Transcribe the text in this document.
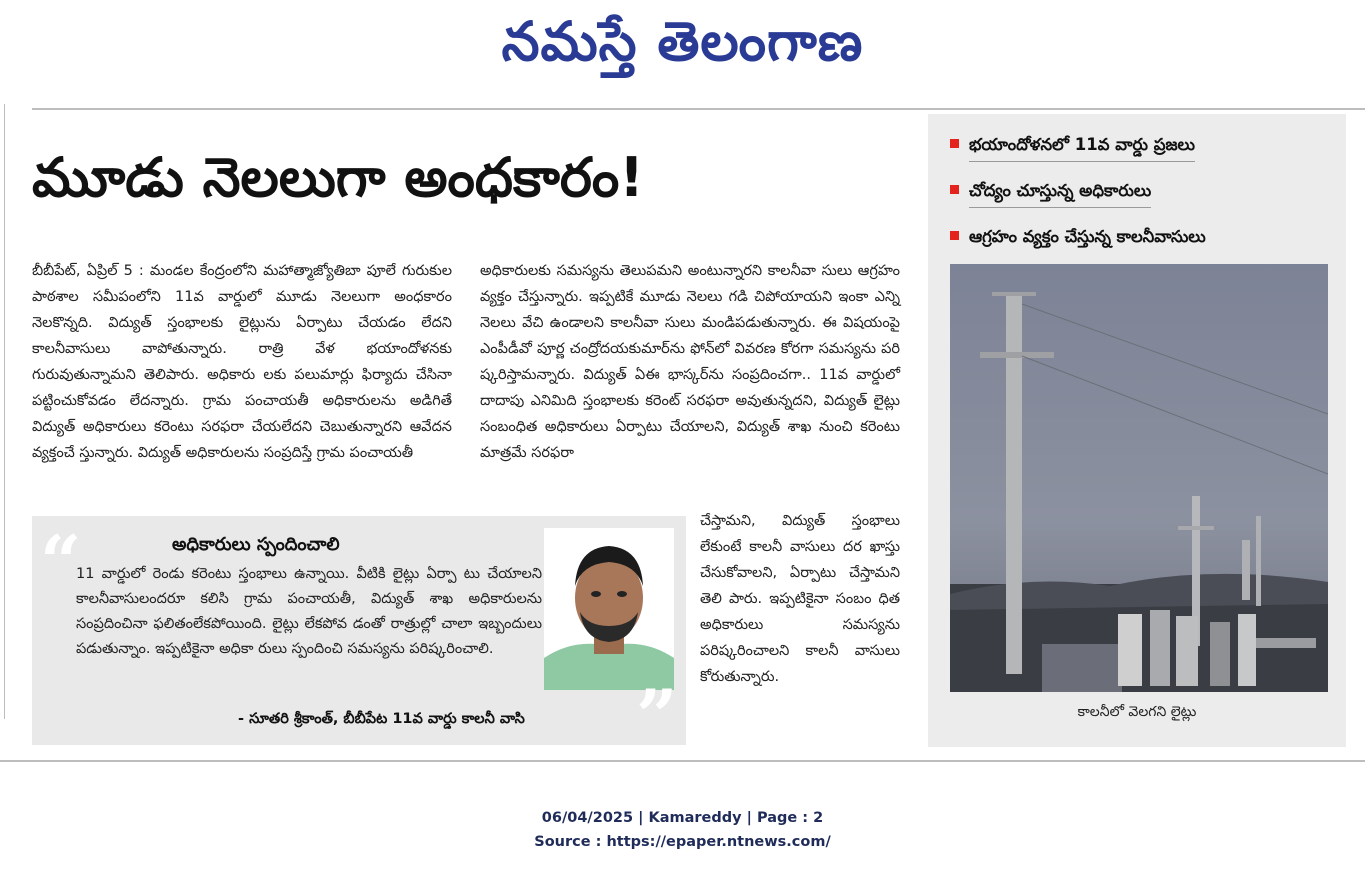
నమస్తే తెలంగాణ
మూడు నెలలుగా అంధకారం!
బీబీపేట్, ఏప్రిల్ 5 : మండల కేంద్రంలోని మహాత్మాజ్యోతిబా పూలే గురుకుల పాఠశాల సమీపంలోని 11వ వార్డులో మూడు నెలలుగా అంధకారం నెలకొన్నది. విద్యుత్ స్తంభాలకు లైట్లును ఏర్పాటు చేయడం లేదని కాలనీవాసులు వాపోతున్నారు. రాత్రి వేళ భయాందోళనకు గురువుతున్నామని తెలిపారు. అధికారు లకు పలుమార్లు ఫిర్యాదు చేసినా పట్టించుకోవడం లేదన్నారు. గ్రామ పంచాయతీ అధికారులను అడిగితే విద్యుత్ అధికారులు కరెంటు సరఫరా చేయలేదని చెబుతున్నారని ఆవేదన వ్యక్తంచే స్తున్నారు. విద్యుత్ అధికారులను సంప్రదిస్తే గ్రామ పంచాయతీ
అధికారులకు సమస్యను తెలుపమని అంటున్నారని కాలనీవా సులు ఆగ్రహం వ్యక్తం చేస్తున్నారు. ఇప్పటికే మూడు నెలలు గడి చిపోయాయని ఇంకా ఎన్ని నెలలు వేచి ఉండాలని కాలనీవా సులు మండిపడుతున్నారు. ఈ విషయంపై ఎంపీడీవో పూర్ణ చంద్రోదయకుమార్‌ను ఫోన్‌లో వివరణ కోరగా సమస్యను పరి ష్కరిస్తామన్నారు. విద్యుత్ ఏఈ భాస్కర్‌ను సంప్రదించగా.. 11వ వార్డులో దాదాపు ఎనిమిది స్తంభాలకు కరెంట్ సరఫరా అవుతున్నదని, విద్యుత్ లైట్లు సంబంధిత అధికారులు ఏర్పాటు చేయాలని, విద్యుత్ శాఖ నుంచి కరెంటు మాత్రమే సరఫరా
చేస్తామని, విద్యుత్ స్తంభాలు లేకుంటే కాలనీ వాసులు దర ఖాస్తు చేసుకోవాలని, ఏర్పాటు చేస్తామని తెలి పారు. ఇప్పటికైనా సంబం ధిత అధికారులు సమస్యను పరిష్కరించాలని కాలనీ వాసులు కోరుతున్నారు.
“	అధికారులు స్పందించాలి
11 వార్డులో రెండు కరెంటు స్తంభాలు ఉన్నాయి. వీటికి లైట్లు ఏర్పా టు చేయాలని కాలనీవాసులందరూ కలిసి గ్రామ పంచాయతీ, విద్యుత్ శాఖ అధికారులను సంప్రదించినా ఫలితంలేకపోయింది. లైట్లు లేకపోవ డంతో రాత్రుల్లో చాలా ఇబ్బందులు పడుతున్నాం. ఇప్పటికైనా అధికా రులు స్పందించి సమస్యను పరిష్కరించాలి.
”
- సూతరి శ్రీకాంత్, బీబీపేట 11వ వార్డు కాలనీ వాసి
భయాందోళనలో 11వ వార్డు ప్రజలు
చోద్యం చూస్తున్న అధికారులు
ఆగ్రహం వ్యక్తం చేస్తున్న కాలనీవాసులు
కాలనీలో వెలగని లైట్లు
06/04/2025 | Kamareddy | Page : 2
Source : https://epaper.ntnews.com/
